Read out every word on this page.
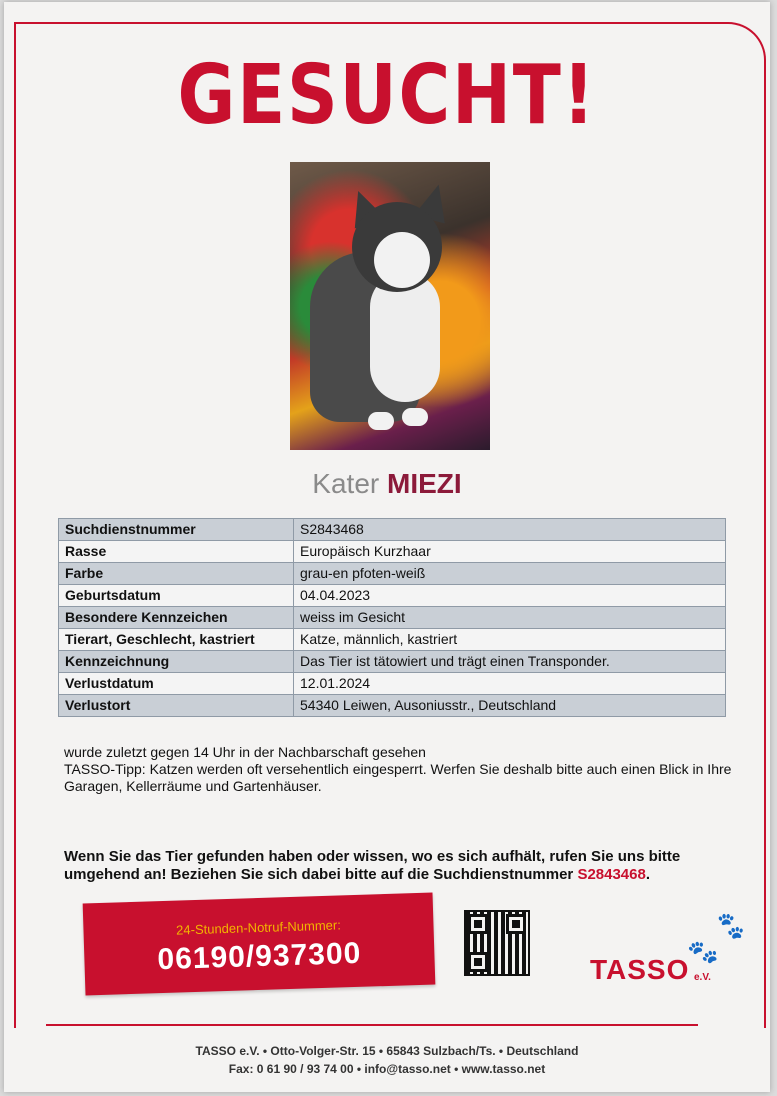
GESUCHT!
Kater MIEZI
Suchdienstnummer	S2843468
Rasse	Europäisch Kurzhaar
Farbe	grau-en pfoten-weiß
Geburtsdatum	04.04.2023
Besondere Kennzeichen	weiss im Gesicht
Tierart, Geschlecht, kastriert	Katze, männlich, kastriert
Kennzeichnung	Das Tier ist tätowiert und trägt einen Transponder.
Verlustdatum	12.01.2024
Verlustort	54340 Leiwen, Ausoniusstr., Deutschland
wurde zuletzt gegen 14 Uhr in der Nachbarschaft gesehen
TASSO-Tipp: Katzen werden oft versehentlich eingesperrt. Werfen Sie deshalb bitte auch einen Blick in Ihre Garagen, Kellerräume und Gartenhäuser.
Wenn Sie das Tier gefunden haben oder wissen, wo es sich aufhält, rufen Sie uns bitte umgehend an! Beziehen Sie sich dabei bitte auf die Suchdienstnummer S2843468.
24-Stunden-Notruf-Nummer:
06190/937300
🐾
🐾
TASSO e.V.
TASSO e.V. • Otto-Volger-Str. 15 • 65843 Sulzbach/Ts. • Deutschland
Fax: 0 61 90 / 93 74 00 • info@tasso.net • www.tasso.net
